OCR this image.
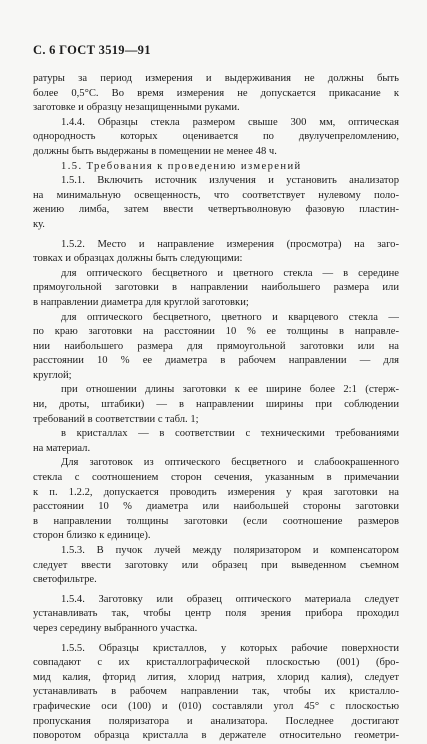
С. 6 ГОСТ 3519—91
ратуры за период измерения и выдерживания не должны быть
более 0,5°С. Во время измерения не допускается прикасание к
заготовке и образцу незащищенными руками.
1.4.4. Образцы стекла размером свыше 300 мм, оптическая
однородность которых оценивается по двулучепреломлению,
должны быть выдержаны в помещении не менее 48 ч.
1.5. Требования к проведению измерений
1.5.1. Включить источник излучения и установить анализатор
на минимальную освещенность, что соответствует нулевому поло-
жению лимба, затем ввести четвертьволновую фазовую пластин-
ку.
1.5.2. Место и направление измерения (просмотра) на заго-
товках и образцах должны быть следующими:
для оптического бесцветного и цветного стекла — в середине
прямоугольной заготовки в направлении наибольшего размера или
в направлении диаметра для круглой заготовки;
для оптического бесцветного, цветного и кварцевого стекла —
по краю заготовки на расстоянии 10 % ее толщины в направле-
нии наибольшего размера для прямоугольной заготовки или на
расстоянии 10 % ее диаметра в рабочем направлении — для
круглой;
при отношении длины заготовки к ее ширине более 2:1 (стерж-
ни, дроты, штабики) — в направлении ширины при соблюдении
требований в соответствии с табл. 1;
в кристаллах — в соответствии с техническими требованиями
на материал.
Для заготовок из оптического бесцветного и слабоокрашенного
стекла с соотношением сторон сечения, указанным в примечании
к п. 1.2.2, допускается проводить измерения у края заготовки на
расстоянии 10 % диаметра или наибольшей стороны заготовки
в направлении толщины заготовки (если соотношение размеров
сторон близко к единице).
1.5.3. В пучок лучей между поляризатором и компенсатором
следует ввести заготовку или образец при выведенном съемном
светофильтре.
1.5.4. Заготовку или образец оптического материала следует
устанавливать так, чтобы центр поля зрения прибора проходил
через середину выбранного участка.
1.5.5. Образцы кристаллов, у которых рабочие поверхности
совпадают с их кристаллографической плоскостью (001) (бро-
мид калия, фторид лития, хлорид натрия, хлорид калия), следует
устанавливать в рабочем направлении так, чтобы их кристалло-
графические оси (100) и (010) составляли угол 45° с плоскостью
пропускания поляризатора и анализатора. Последнее достигают
поворотом образца кристалла в держателе относительно геометри-
